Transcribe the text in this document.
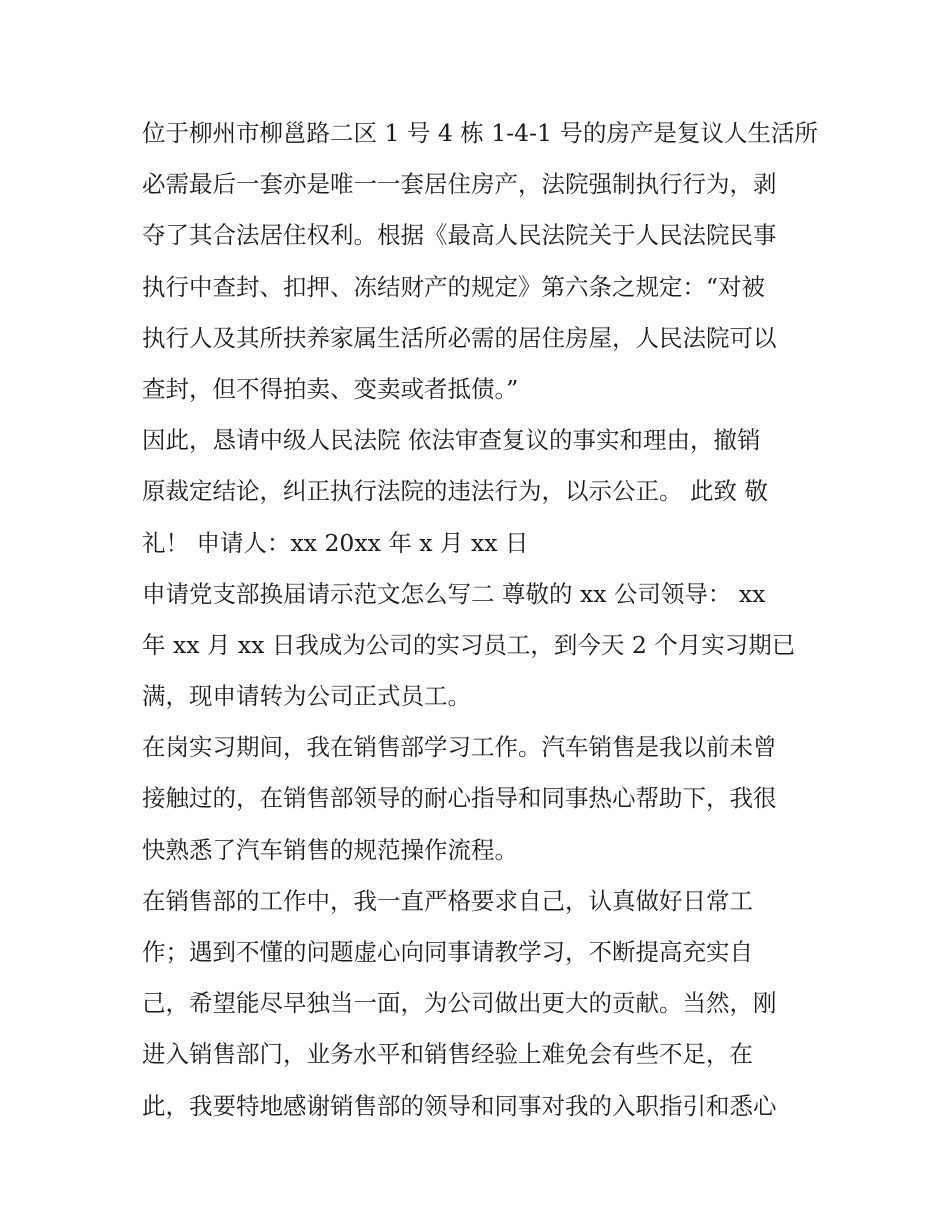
位于柳州市柳邕路二区 1 号 4 栋 1-4-1 号的房产是复议人生活所
必需最后一套亦是唯一一套居住房产，法院强制执行行为，剥
夺了其合法居住权利。根据《最高人民法院关于人民法院民事
执行中查封、扣押、冻结财产的规定》第六条之规定：“对被
执行人及其所扶养家属生活所必需的居住房屋，人民法院可以
查封，但不得拍卖、变卖或者抵债。”
因此，恳请中级人民法院 依法审查复议的事实和理由，撤销
原裁定结论，纠正执行法院的违法行为，以示公正。 此致 敬
礼！ 申请人：xx 20xx 年 x 月 xx 日
申请党支部换届请示范文怎么写二 尊敬的 xx 公司领导： xx
年 xx 月 xx 日我成为公司的实习员工，到今天 2 个月实习期已
满，现申请转为公司正式员工。
在岗实习期间，我在销售部学习工作。汽车销售是我以前未曾
接触过的，在销售部领导的耐心指导和同事热心帮助下，我很
快熟悉了汽车销售的规范操作流程。
在销售部的工作中，我一直严格要求自己，认真做好日常工
作；遇到不懂的问题虚心向同事请教学习，不断提高充实自
己，希望能尽早独当一面，为公司做出更大的贡献。当然，刚
进入销售部门，业务水平和销售经验上难免会有些不足，在
此，我要特地感谢销售部的领导和同事对我的入职指引和悉心
